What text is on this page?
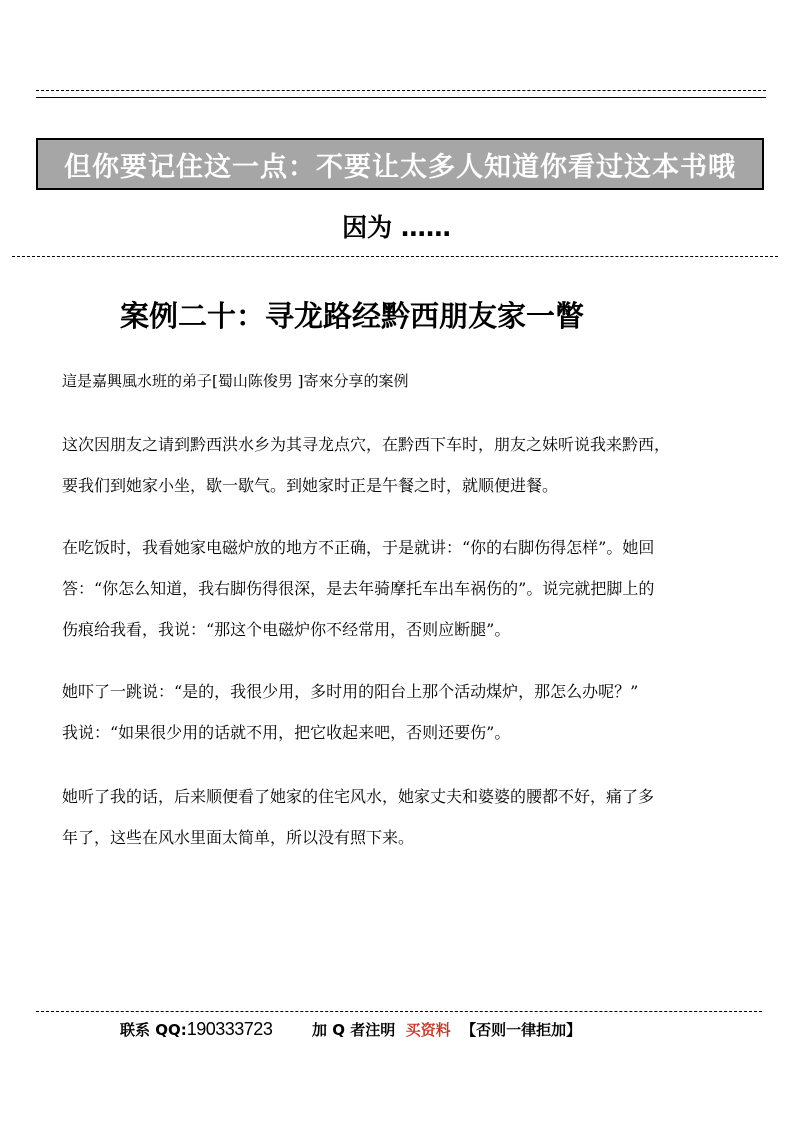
但你要记住这一点：不要让太多人知道你看过这本书哦
因为 ……
案例二十：寻龙路经黔西朋友家一瞥
這是嘉興風水班的弟子[蜀山陈俊男 ]寄來分享的案例
这次因朋友之请到黔西洪水乡为其寻龙点穴，在黔西下车时，朋友之妹听说我来黔西，
要我们到她家小坐，歇一歇气。到她家时正是午餐之时，就顺便进餐。
在吃饭时，我看她家电磁炉放的地方不正确，于是就讲：“你的右脚伤得怎样”。她回
答：“你怎么知道，我右脚伤得很深，是去年骑摩托车出车祸伤的”。说完就把脚上的
伤痕给我看，我说：“那这个电磁炉你不经常用，否则应断腿”。
她吓了一跳说：“是的，我很少用，多时用的阳台上那个活动煤炉，那怎么办呢？”
我说：“如果很少用的话就不用，把它收起来吧，否则还要伤”。
她听了我的话，后来顺便看了她家的住宅风水，她家丈夫和婆婆的腰都不好，痛了多
年了，这些在风水里面太简单，所以没有照下来。
联系 QQ:190333723	加 Q 者注明 买资料 【否则一律拒加】
